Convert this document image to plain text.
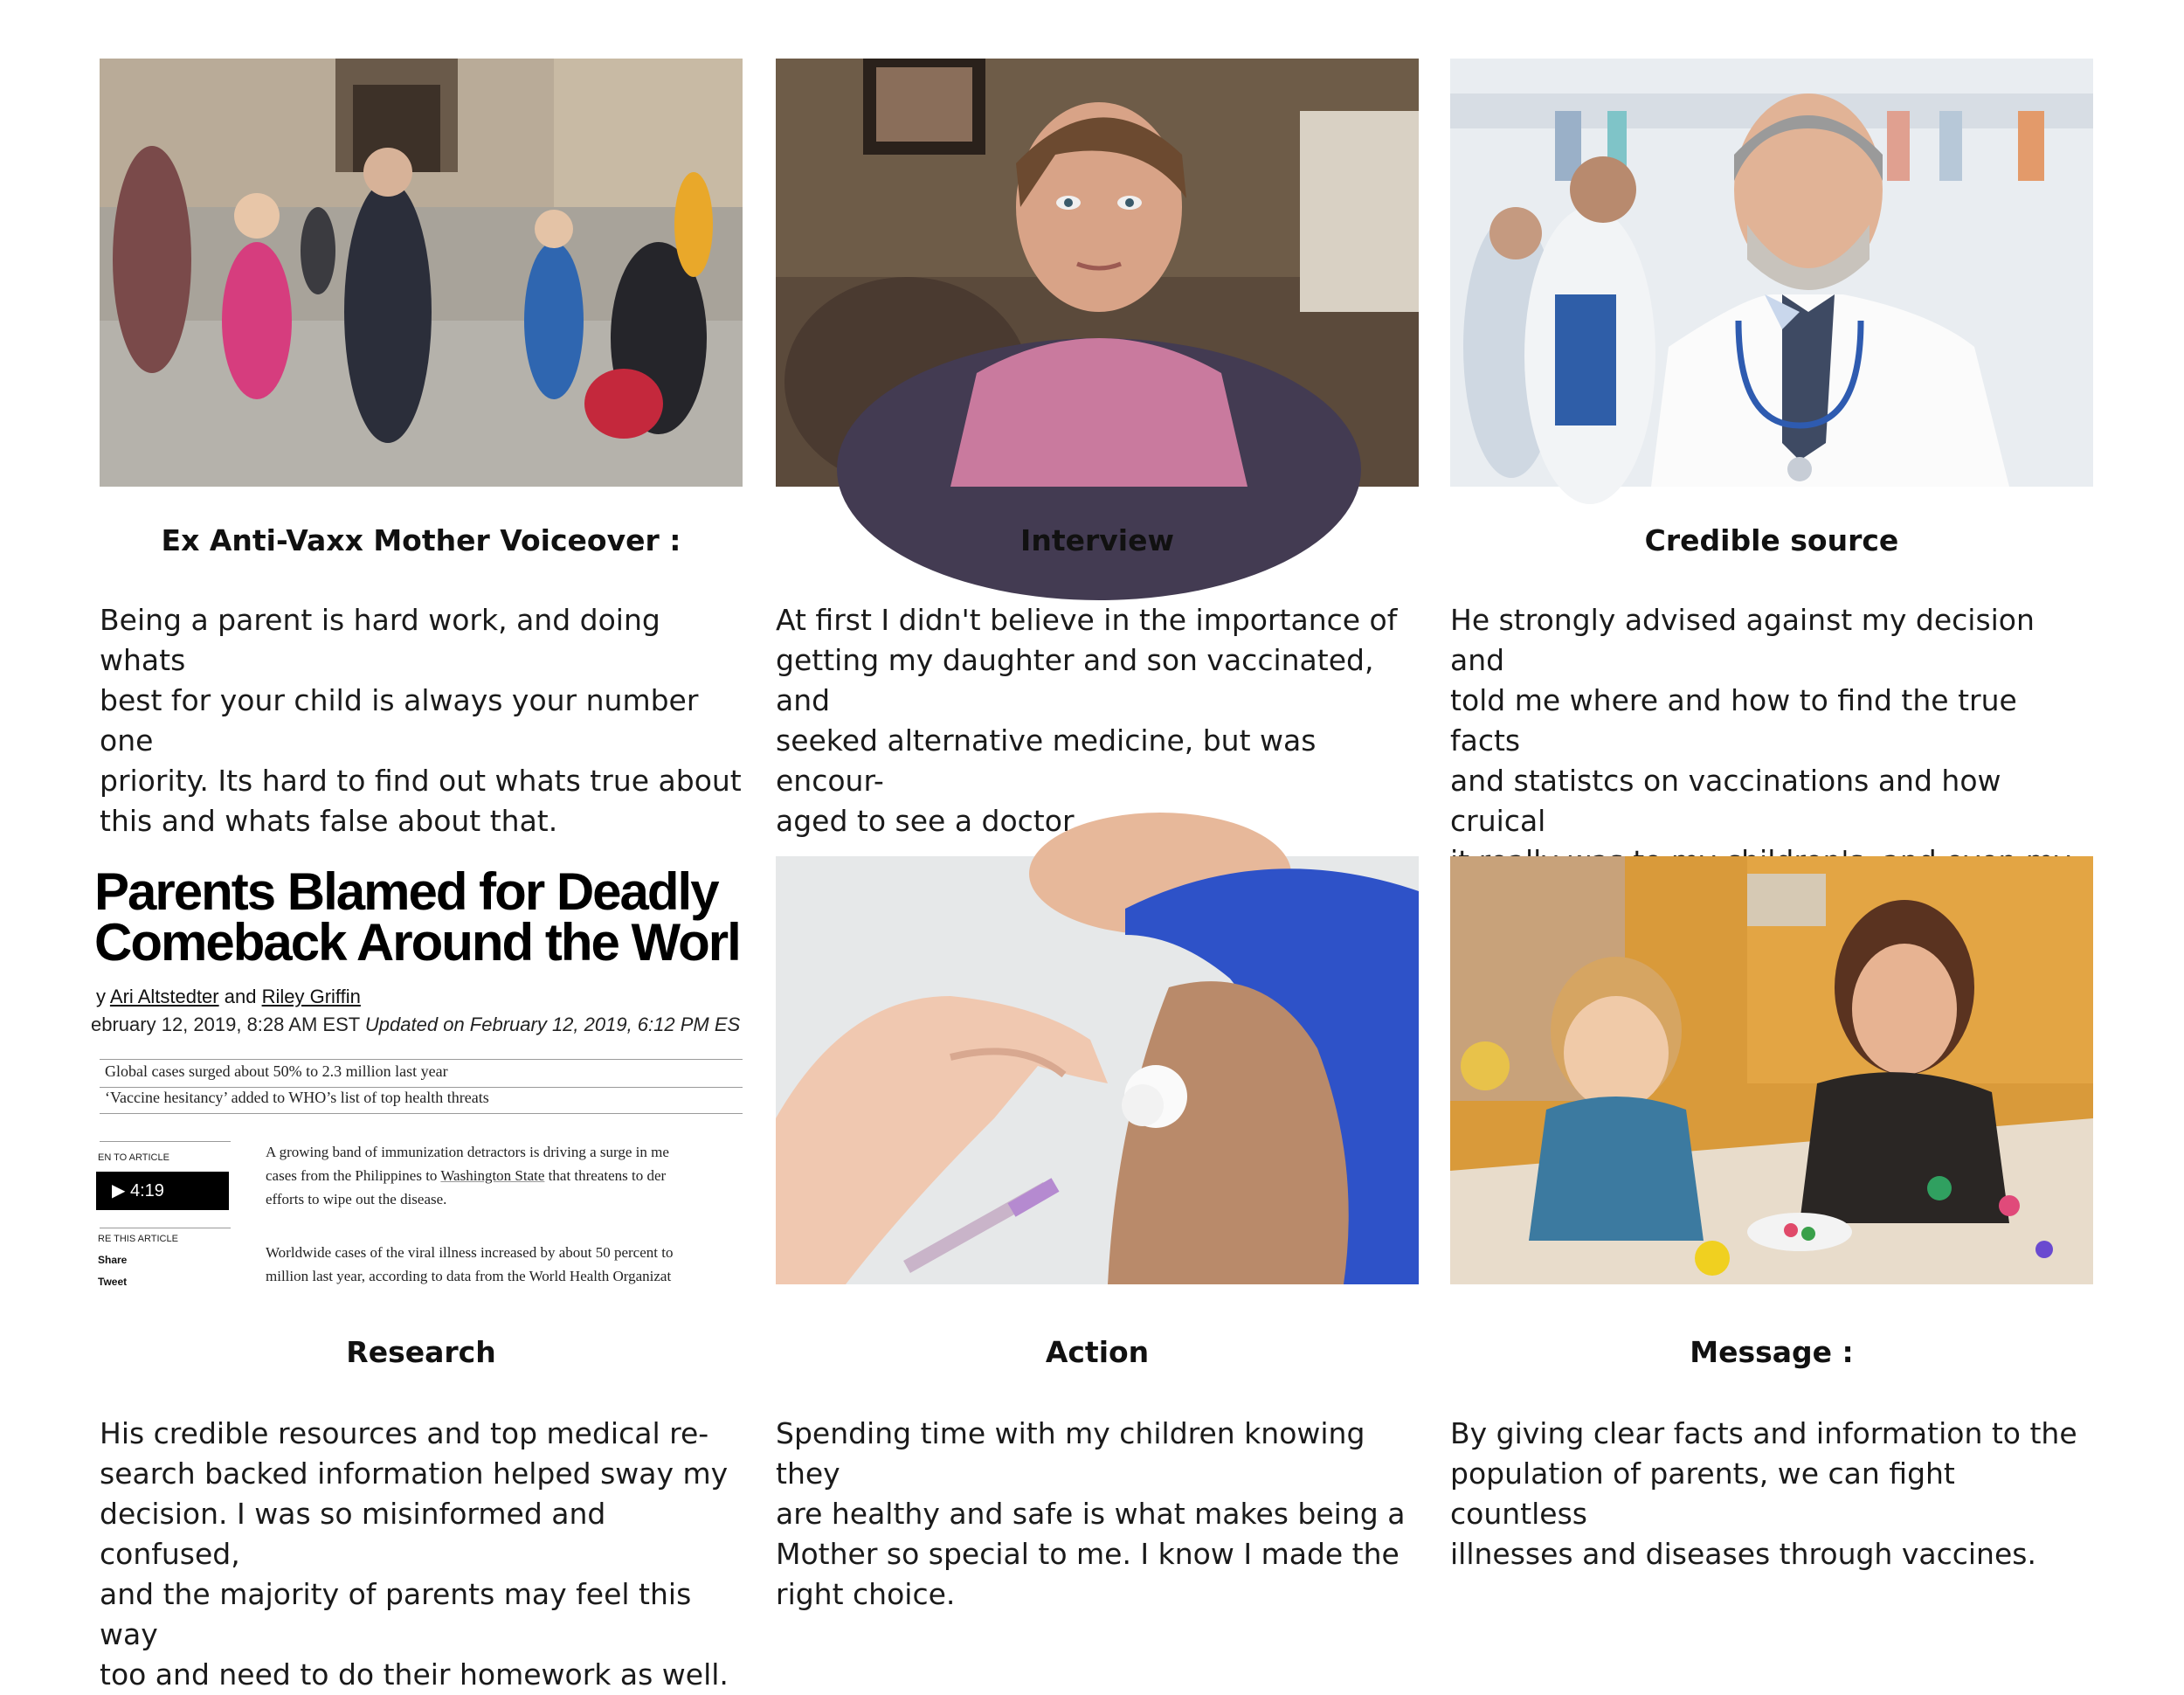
Ex Anti-Vaxx Mother Voiceover :

Being a parent is hard work, and doing whats
best for your child is always your number one
priority. Its hard to find out whats true about
this and whats false about that.

Interview

At first I didn't believe in the importance of
getting my daughter and son vaccinated, and
seeked alternative medicine, but was encour-
aged to see a doctor.

Credible source

He strongly advised against my decision and
told me where and how to find the true facts
and statistcs on vaccinations and how cruical

Parents Blamed for Deadly
Comeback Around the Worl
y Ari Altstedter and Riley Griffin
ebruary 12, 2019, 8:28 AM EST Updated on February 12, 2019, 6:12 PM ES
Global cases surged about 50% to 2.3 million last year
‘Vaccine hesitancy’ added to WHO’s list of top health threats
EN TO ARTICLE
▶ 4:19
RE THIS ARTICLE
Share
Tweet
A growing band of immunization detractors is driving a surge in me
cases from the Philippines to Washington State that threatens to der
efforts to wipe out the disease.
Worldwide cases of the viral illness increased by about 50 percent to
million last year, according to data from the World Health Organizat
Research

His credible resources and top medical re-
search backed information helped sway my
decision. I was so misinformed and confused,
and the majority of parents may feel this way
too and need to do their homework as well.

Action

Spending time with my children knowing they
are healthy and safe is what makes being a
Mother so special to me. I know I made the
right choice.

Message :

By giving clear facts and information to the
population of parents, we can fight countless
illnesses and diseases through vaccines.
